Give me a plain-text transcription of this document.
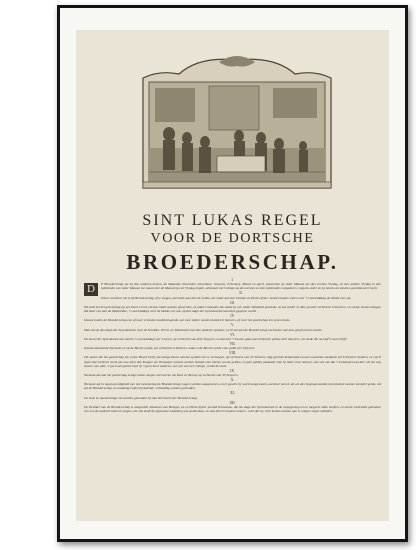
SINT LUKAS REGEL
VOOR DE DORTSCHE
BROEDERSCHAP.
I.
D	E Broederschap zal by den anderen komen, de Maanden November, December, Januarij, Februarij, Maart en April, namentlyk op ieder Maand, als den eersten Vrydag, en den andere Vrydag in den tydstondes van ieder Maand, ten maare der de Maand op een Vrydag begint, alsmaare het College op den eersten en den tydstonden vergaderen, volgens order en by beurte als deselve geordonneert heeft.
II.
Wiens voorkeur het is de Broederschap of te mogen, zal toelie aan alle de Leden, als mede aan den Deeken en Pleut-rijcker, moeten laaten weten voor 's voormiddags de klokke een uur.
III.
Elk Lidt zal het gezelschap op zyn beurt en ten eersten huize moeten afwachten, of anders betaalen die aalde by een ander Medelidt gehonde, en zal achter in dien gevalle verbeuren 6 Stuivers, en verige moeten dragen dat door een aan de Medeleden, 's voormiddags voor de klokke een uur, op den dagh der byeenkomste kennelyk gegeven wordt.
IV.
Iemant buiten de Broederschap een of meer vrienden medebrengende, zal voor iedere moeten betalen 6 Stuivers, of voor het gezelschap ten eynen buize.
V.
Men zal op den dagh der byeenkomste voor de Schilder- Prent- en Tekenkunst met den anderen spreken; en til zal aan de Broederschap vertoonen wat hem gelyft tevens meede.
VI.
De meest der byeenkomst zal voortm 's voormiddags ten 3 uuren, op verbeurte van drie Stuyvers, en dat men 't hooren gaan zal verbeuren geltste drie Stuyvers, als mede die na half 9 uuren blyft.
VII.
Iemant afwezende blyvende en op de Beurte eynde, zal verbeuren 6 Stuivers, maar is de Beurte eynde voor geldt vier Stuyvers.
VIII.
Die geene die het gezelschap ten eynen Huyze hesft, zal eenige Kunst moeten eynden ven te vertoogen, op verbeurte van 25 Stuivers, dog gereeds beiderzyde en aan voordeele aandeele zal 6 Stuivers betalen, en van 8 tygen dat verbeurt werd, zal ouw door den Kooper als Verkooper moeten werden betaalt voor iderzy van de gelden, en gein gelden geklaade ryke by ieder eene Stuyver, van wat van dat 't verklaaart aan dat; als het nog stuiver van yder, 'e geen zal geluist bayt by 't geen door anderen, van syn van het College, verdocht word.
IX.
Niemant zal aan het gezelschap eenige totten mogen overvoeren als Kees en Brood, op verbeurte van 30 Stuyvers.
X.
Niemant zal in tegenwoordigheid van het Gezelschap de Broederschap mogen werden aangewezen, en in geselle by word aangewezen, zal door hem in de als den bygengenoemde byeenkomst moeten beredt 6 gelde, als zal de Broederschap, in zoodanig Leden bysluiende, volstandig worden gehouden.
XI.
De leste en aanmerkinge zal worden gehouden by den Secretaris der Broederschap.
XII.
De Drukker van de Broederschap is aangestelt Johannes van Breugel, en en Pleut-rijcker Arnold Schouman, die ten dage der byeenkomste in de toegegeving ten te toegevel eidin heeften, en zal de Gebruikte geboeken van een de anderen leden te mogen, als met draft de afgenome mededing wel gesthenken, en ook alle ten kunnen bonen - mitv dat wy voor kennis moeten aan te volgen mogte rijtkiden.
